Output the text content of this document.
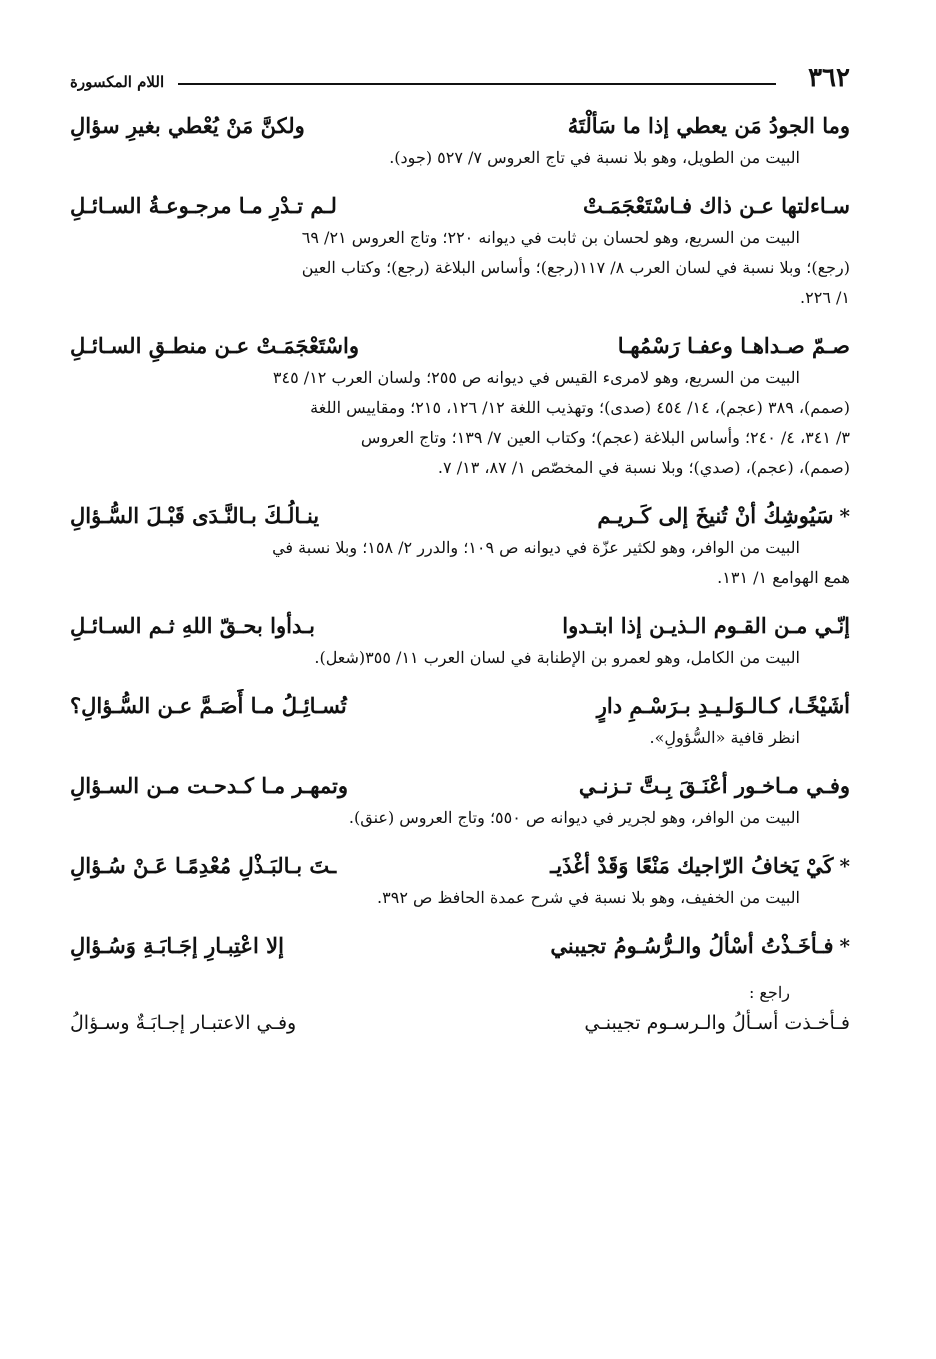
٣٦٢
اللام المكسورة
وما الجودُ مَن يعطي إذا ما سَألْتَهُ
ولكنَّ مَنْ يُعْطي بغيرِ سؤالِ
البيت من الطويل، وهو بلا نسبة في تاج العروس ٧/ ٥٢٧ (جود).
سـاءلتها عـن ذاك فـاسْتَعْجَمَـتْ
لـم تـدْرِ مـا مرجـوعـةُ السـائـلِ
البيت من السريع، وهو لحسان بن ثابت في ديوانه ٢٢٠؛ وتاج العروس ٢١/ ٦٩
(رجع)؛ وبلا نسبة في لسان العرب ٨/ ١١٧(رجع)؛ وأساس البلاغة (رجع)؛ وكتاب العين
١/ ٢٢٦.
صـمّ صـداهـا وعفـا رَسْمُهـا
واسْتَعْجَمَـتْ عـن منطـقِ السـائـلِ
البيت من السريع، وهو لامرىء القيس في ديوانه ص ٢٥٥؛ ولسان العرب ١٢/ ٣٤٥
(صمم)، ٣٨٩ (عجم)، ١٤/ ٤٥٤ (صدى)؛ وتهذيب اللغة ١٢/ ١٢٦، ٢١٥؛ ومقاييس اللغة
٣/ ٣٤١، ٤/ ٢٤٠؛ وأساس البلاغة (عجم)؛ وكتاب العين ٧/ ١٣٩؛ وتاج العروس
(صمم)، (عجم)، (صدي)؛ وبلا نسبة في المخصّص ١/ ٨٧، ١٣/ ٧.
*
سَيُوشِكُ أنْ تُنيخَ إلى كَـريـم
ينـالُـكَ بـالنَّـدَى قَبْـلَ السُّـؤالِ
البيت من الوافر، وهو لكثير عزّة في ديوانه ص ١٠٩؛ والدرر ٢/ ١٥٨؛ وبلا نسبة في
همع الهوامع ١/ ١٣١.
إنّـي مـن القـوم الـذيـن إذا ابتـدوا
بـدأوا بحـقّ اللهِ ثـم السـائـلِ
البيت من الكامل، وهو لعمرو بن الإطنابة في لسان العرب ١١/ ٣٥٥(شعل).
أشَيْخًـا، كـالـوَلـيـدِ بـرَسْـمِ دارٍ
تُسـائِـلُ مـا أَصَـمَّ عـن السُّـؤالِ؟
انظر قافية «السُّؤولِ».
وفـي مـاخـور أعْنَـقَ بِـتَّ تـزنـي
وتمهـر مـا كـدحـت مـن السـؤالِ
البيت من الوافر، وهو لجرير في ديوانه ص ٥٥٠؛ وتاج العروس (عنق).
*
كَيْ يَخافُ الرّاجيك مَنْعًا وَقَدْ أغْذَيـ
ـتَ بـالبَـذْلِ مُعْدِمًـا عَـنْ سُـؤالِ
البيت من الخفيف، وهو بلا نسبة في شرح عمدة الحافظ ص ٣٩٢.
*
فـأخَـذْتُ أسْألُ والـرُّسُـومُ تجيبني
إلا اعْتِبـارِ إجَـابَـةِ وَسُـؤالِ
راجع :
فـأخـذت أسـألُ والـرسـوم تجيبنـي
وفـي الاعتبـار إجـابَـةٌ وسـؤالُ
